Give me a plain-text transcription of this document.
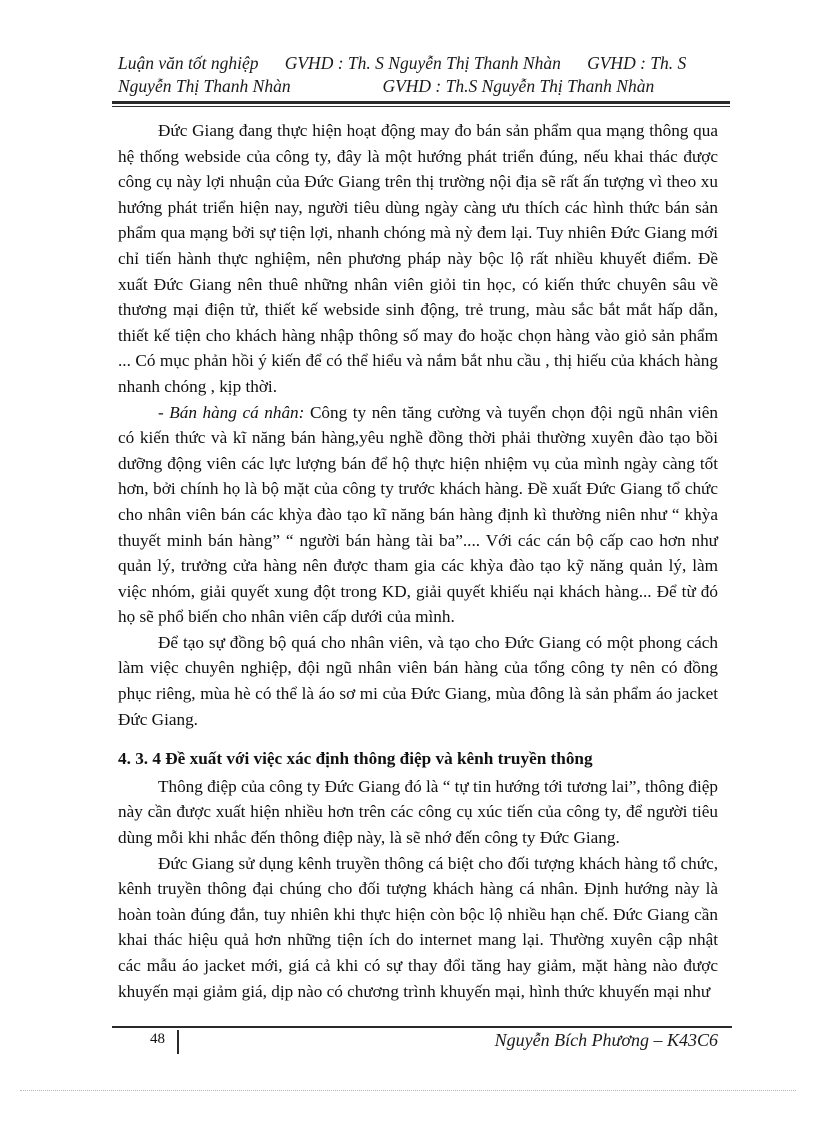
Luận văn tốt nghiệp      GVHD : Th. S Nguyễn Thị Thanh Nhàn      GVHD : Th. S
Nguyễn Thị Thanh Nhàn                     GVHD : Th.S Nguyễn Thị Thanh Nhàn

Đức Giang đang thực hiện hoạt động may đo bán sản phẩm qua mạng thông qua hệ thống webside của công ty, đây là một hướng phát triển đúng, nếu khai thác được công cụ này lợi nhuận của Đức Giang trên thị trường nội địa sẽ rất ấn tượng vì theo xu hướng phát triển hiện nay, người tiêu dùng ngày càng ưu thích các hình thức bán sản phẩm qua mạng bởi sự tiện lợi, nhanh chóng mà nỳ đem lại. Tuy nhiên Đức Giang mới chỉ tiến hành thực nghiệm, nên phương pháp này bộc lộ rất nhiều khuyết điểm. Đề xuất Đức Giang nên thuê những nhân viên giỏi tin học, có kiến thức chuyên sâu về thương mại điện tử, thiết kế webside sinh động, trẻ trung, màu sắc bắt mắt hấp dẫn, thiết kế tiện cho khách hàng nhập thông số may đo hoặc chọn hàng vào giỏ sản phẩm ... Có mục phản hồi ý kiến để có thể hiểu và nắm bắt nhu cầu , thị hiếu của khách hàng nhanh chóng , kịp thời.

- Bán hàng cá nhân: Công ty nên tăng cường và tuyển chọn đội ngũ nhân viên có kiến thức và kĩ năng bán hàng,yêu nghề đồng thời phải thường xuyên đào tạo bồi dưỡng động viên các lực lượng bán để hộ thực hiện nhiệm vụ của mình ngày càng tốt hơn, bởi chính họ là bộ mặt của công ty trước khách hàng. Đề xuất Đức Giang tổ chức cho nhân viên bán các khỳa đào tạo kĩ năng bán hàng định kì thường niên như “ khỳa thuyết minh bán hàng” “ người bán hàng tài ba”.... Với các cán bộ cấp cao hơn như quản lý, trưởng cửa hàng nên được tham gia các khỳa đào tạo kỹ năng quản lý, làm việc nhóm, giải quyết xung đột trong KD, giải quyết khiếu nại khách hàng... Để từ đó họ sẽ phổ biến cho nhân viên cấp dưới của mình.

Để tạo sự đồng bộ quá cho nhân viên, và tạo cho Đức Giang có một phong cách làm việc chuyên nghiệp, đội ngũ nhân viên bán hàng của tổng công ty nên có đồng phục riêng, mùa hè có thể là áo sơ mi của Đức Giang, mùa đông là sản phẩm áo jacket Đức Giang.

4. 3. 4 Đề xuất với việc xác định thông điệp và kênh truyền thông

Thông điệp của công ty Đức Giang đó là “ tự tin hướng tới tương lai”, thông điệp này cần được xuất hiện nhiều hơn trên các công cụ xúc tiến của công ty, để người tiêu dùng mỗi khi nhắc đến thông điệp này, là sẽ nhớ đến công ty Đức Giang.

Đức Giang sử dụng kênh truyền thông cá biệt cho đối tượng khách hàng tổ chức, kênh truyền thông đại chúng cho đối tượng khách hàng cá nhân. Định hướng này là hoàn toàn đúng đắn, tuy nhiên khi thực hiện còn bộc lộ nhiều hạn chế. Đức Giang cần khai thác hiệu quả hơn những tiện ích do internet mang lại. Thường xuyên cập nhật các mẫu áo jacket mới, giá cả khi có sự thay đổi tăng hay giảm, mặt hàng nào được khuyến mại giảm giá, dịp nào có chương trình khuyến mại, hình thức khuyến mại như

48	Nguyễn Bích Phương – K43C6
